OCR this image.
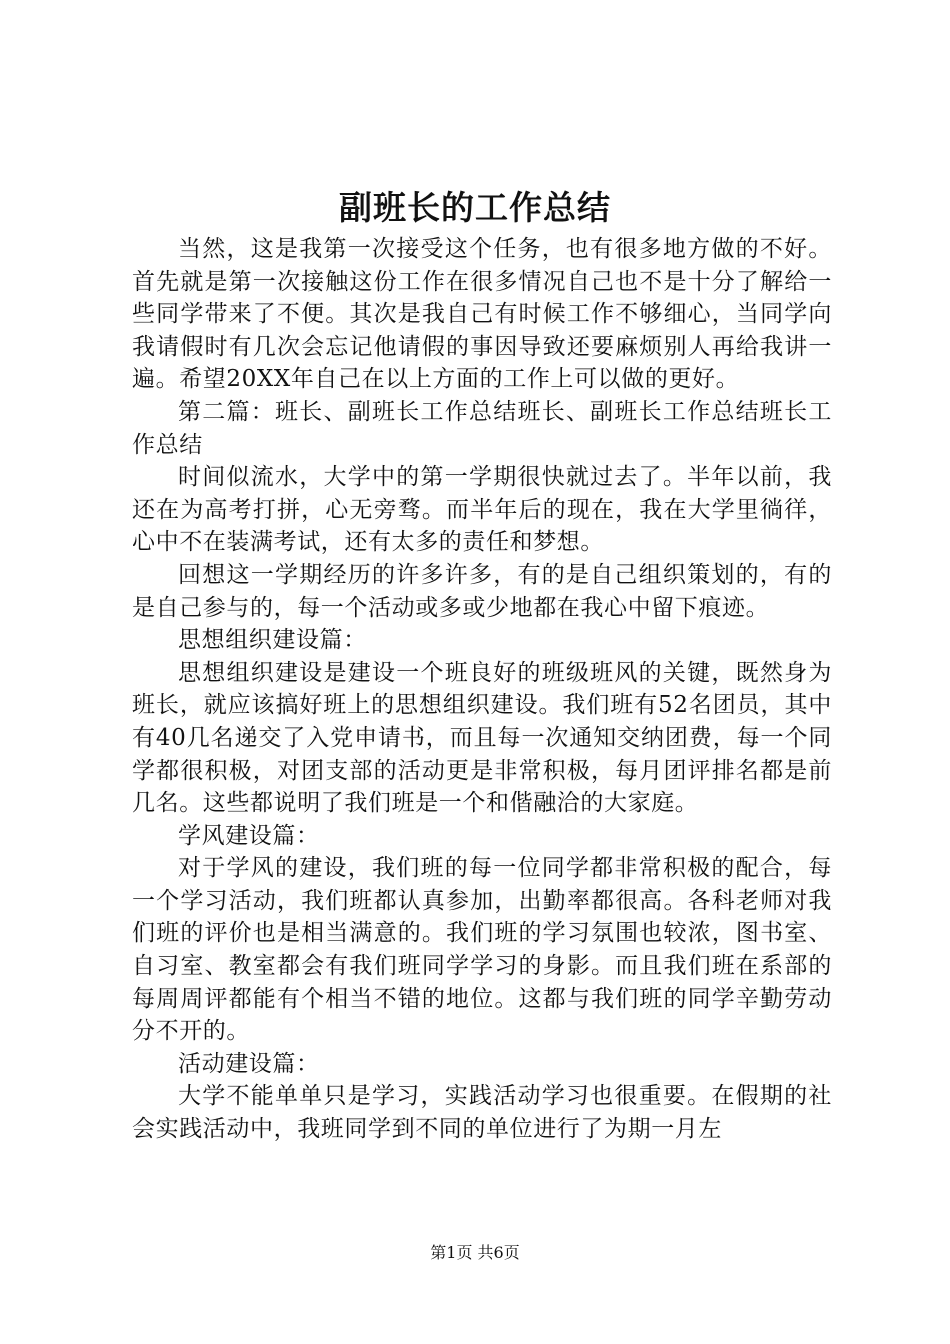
副班长的工作总结

当然，这是我第一次接受这个任务，也有很多地方做的不好。首先就是第一次接触这份工作在很多情况自己也不是十分了解给一些同学带来了不便。其次是我自己有时候工作不够细心，当同学向我请假时有几次会忘记他请假的事因导致还要麻烦别人再给我讲一遍。希望20XX年自己在以上方面的工作上可以做的更好。

第二篇：班长、副班长工作总结班长、副班长工作总结班长工作总结

时间似流水，大学中的第一学期很快就过去了。半年以前，我还在为高考打拼，心无旁骛。而半年后的现在，我在大学里徜徉，心中不在装满考试，还有太多的责任和梦想。

回想这一学期经历的许多许多，有的是自己组织策划的，有的是自己参与的，每一个活动或多或少地都在我心中留下痕迹。

思想组织建设篇：

思想组织建设是建设一个班良好的班级班风的关键，既然身为班长，就应该搞好班上的思想组织建设。我们班有52名团员，其中有40几名递交了入党申请书，而且每一次通知交纳团费，每一个同学都很积极，对团支部的活动更是非常积极，每月团评排名都是前几名。这些都说明了我们班是一个和偕融洽的大家庭。

学风建设篇：

对于学风的建设，我们班的每一位同学都非常积极的配合，每一个学习活动，我们班都认真参加，出勤率都很高。各科老师对我们班的评价也是相当满意的。我们班的学习氛围也较浓，图书室、自习室、教室都会有我们班同学学习的身影。而且我们班在系部的每周周评都能有个相当不错的地位。这都与我们班的同学辛勤劳动分不开的。

活动建设篇：

大学不能单单只是学习，实践活动学习也很重要。在假期的社会实践活动中，我班同学到不同的单位进行了为期一月左

第1页 共6页
